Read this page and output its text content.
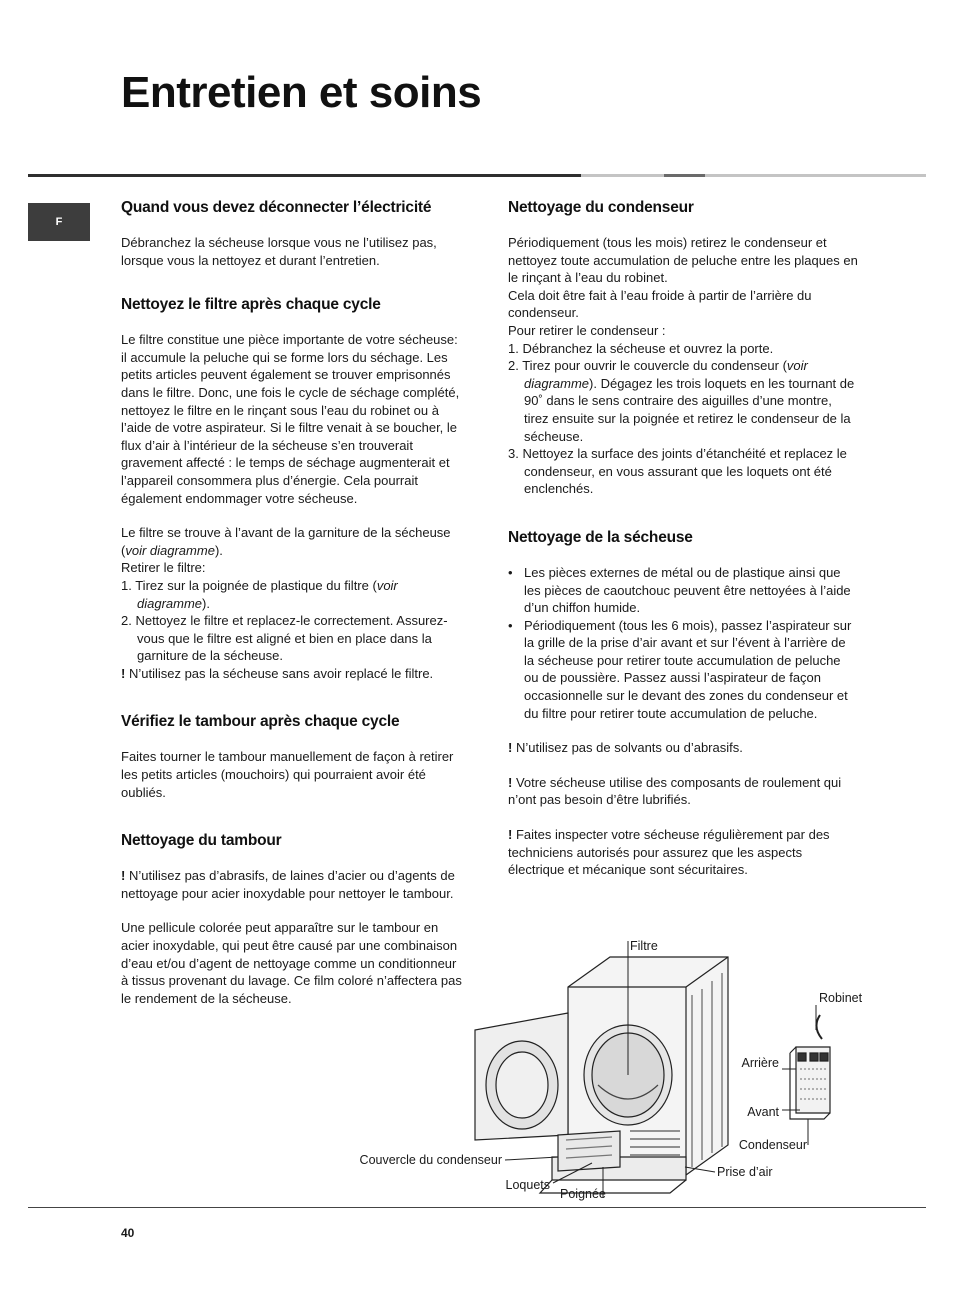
Entretien et soins
F
Quand vous devez déconnecter l’électricité

Débranchez la sécheuse lorsque vous ne l’utilisez pas, lorsque vous la nettoyez et durant l’entretien.

Nettoyez le filtre après chaque cycle

Le filtre constitue une pièce importante de votre sécheuse:

il accumule la peluche qui se forme lors du séchage. Les petits articles peuvent également se trouver emprisonnés dans le filtre. Donc, une fois le cycle de séchage complété, nettoyez le filtre en le rinçant sous l’eau du robinet ou à l’aide de votre aspirateur. Si le filtre venait à se boucher, le flux d’air à l’intérieur de la sécheuse s’en trouverait gravement affecté : le temps de séchage augmenterait et l’appareil consommera plus d’énergie. Cela pourrait également endommager votre sécheuse.

Le filtre se trouve à l’avant de la garniture de la sécheuse (voir diagramme).

Retirer le filtre:

1. Tirez sur la poignée de plastique du filtre (voir diagramme).
2. Nettoyez le filtre et replacez-le correctement. Assurez-vous que le filtre est aligné et bien en place dans la garniture de la sécheuse.

! N’utilisez pas la sécheuse sans avoir replacé le filtre.

Vérifiez le tambour après chaque cycle

Faites tourner le tambour manuellement de façon à retirer les petits articles (mouchoirs) qui pourraient avoir été oubliés.

Nettoyage du tambour

! N’utilisez pas d’abrasifs, de laines d’acier ou d’agents de nettoyage pour acier inoxydable pour nettoyer le tambour.

Une pellicule colorée peut apparaître sur le tambour en acier inoxydable, qui peut être causé par une combinaison d’eau et/ou d’agent de nettoyage comme un conditionneur à tissus provenant du lavage. Ce film coloré n’affectera pas le rendement de la sécheuse.

Nettoyage du condenseur

Périodiquement (tous les mois) retirez le condenseur et nettoyez toute accumulation de peluche entre les plaques en le rinçant à l’eau du robinet.

Cela doit être fait à l’eau froide à partir de l’arrière du condenseur.

Pour retirer le condenseur :

1. Débranchez la sécheuse et ouvrez la porte.
2. Tirez pour ouvrir le couvercle du condenseur (voir diagramme). Dégagez les trois loquets en les tournant de 90˚ dans le sens contraire des aiguilles d’une montre, tirez ensuite sur la poignée et retirez le condenseur de la sécheuse.
3. Nettoyez la surface des joints d’étanchéité et replacez le condenseur, en vous assurant que les loquets ont été enclenchés.
Nettoyage de la sécheuse
• Les pièces externes de métal ou de plastique ainsi que les pièces de caoutchouc peuvent être nettoyées à l’aide d’un chiffon humide.
• Périodiquement (tous les 6 mois), passez l’aspirateur sur la grille de la prise d’air avant et sur l’évent à l’arrière de la sécheuse pour retirer toute accumulation de peluche ou de poussière. Passez aussi l’aspirateur de façon occasionnelle sur le devant des zones du condenseur et du filtre pour retirer toute accumulation de peluche.

! N’utilisez pas de solvants ou d’abrasifs.

! Votre sécheuse utilise des composants de roulement qui n’ont pas besoin d’être lubrifiés.

! Faites inspecter votre sécheuse régulièrement par des techniciens autorisés pour assurez que les aspects électrique et mécanique sont sécuritaires.

Filtre
Robinet
Arrière
Avant
Condenseur
Couvercle du condenseur
Prise d’air
Loquets
Poignée
40
